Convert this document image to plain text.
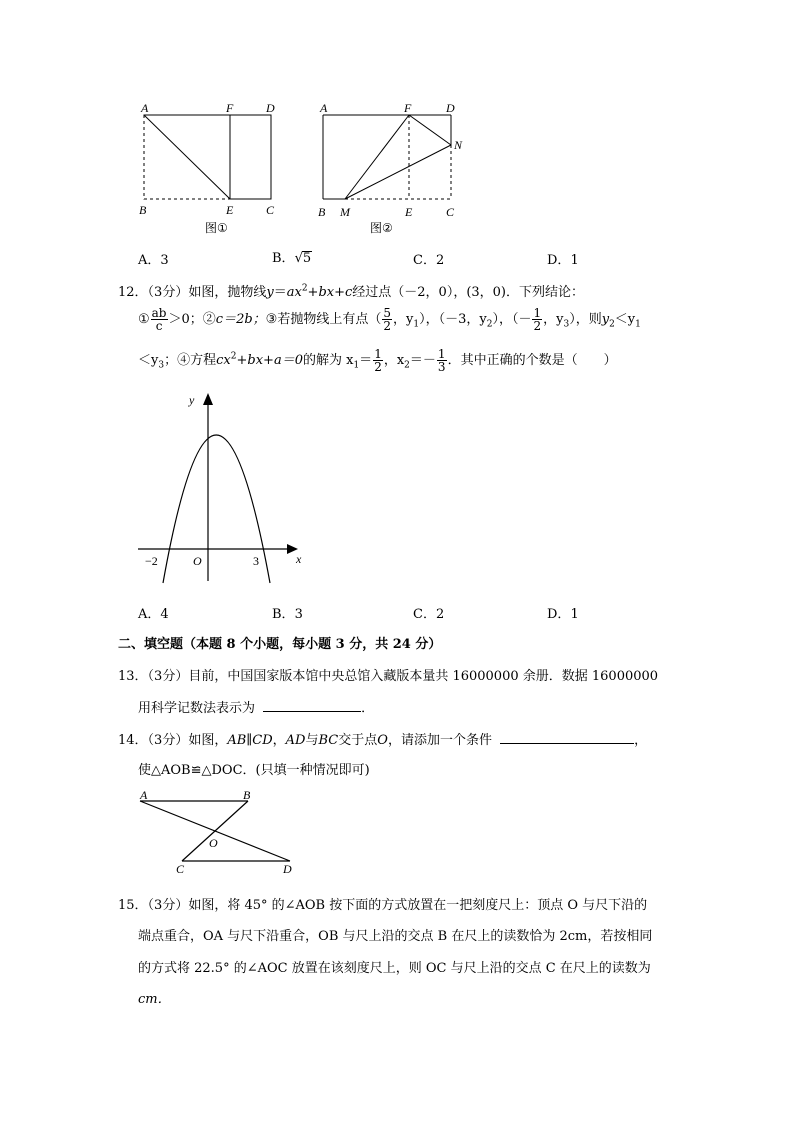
A	F	D
B	E	C
图①
A	F	D
N
B M	E	C
图②
A．3	B．√5	C．2	D．1
12．（3分）如图，抛物线$y=ax^2+bx+c$经过点（－2，0），(3，0)．下列结论：
① $\frac{ab}{c} >0$；②c＝2b；③若抛物线上有点（ $\frac{5}{2}$ ，$y_1$），（－3，$y_2$），（－ $\frac{1}{2}$ ，$y_3$），则$y_2<y_1$
$<y_3$；④方程$cx^2+bx+a=0$的解为 $x_1= \frac{1}{2}$ ，$x_2=- \frac{1}{3}$ ．其中正确的个数是（　　）
y
x
O
−2	3
A．4	B．3	C．2	D．1
二、填空题（本题 8 个小题，每小题 3 分，共 24 分）
13．（3分）目前，中国国家版本馆中央总馆入藏版本量共 16000000 余册．数据 16000000
用科学记数法表示为	．
14．（3分）如图，AB∥CD，AD与BC交于点O，请添加一个条件	，
使△AOB≌△DOC．(只填一种情况即可)
A	B
O
C	D
15．（3分）如图，将 45° 的∠AOB 按下面的方式放置在一把刻度尺上：顶点 O 与尺下沿的
端点重合，OA 与尺下沿重合，OB 与尺上沿的交点 B 在尺上的读数恰为 2cm，若按相同
的方式将 22.5° 的∠AOC 放置在该刻度尺上，则 OC 与尺上沿的交点 C 在尺上的读数为
cm．
